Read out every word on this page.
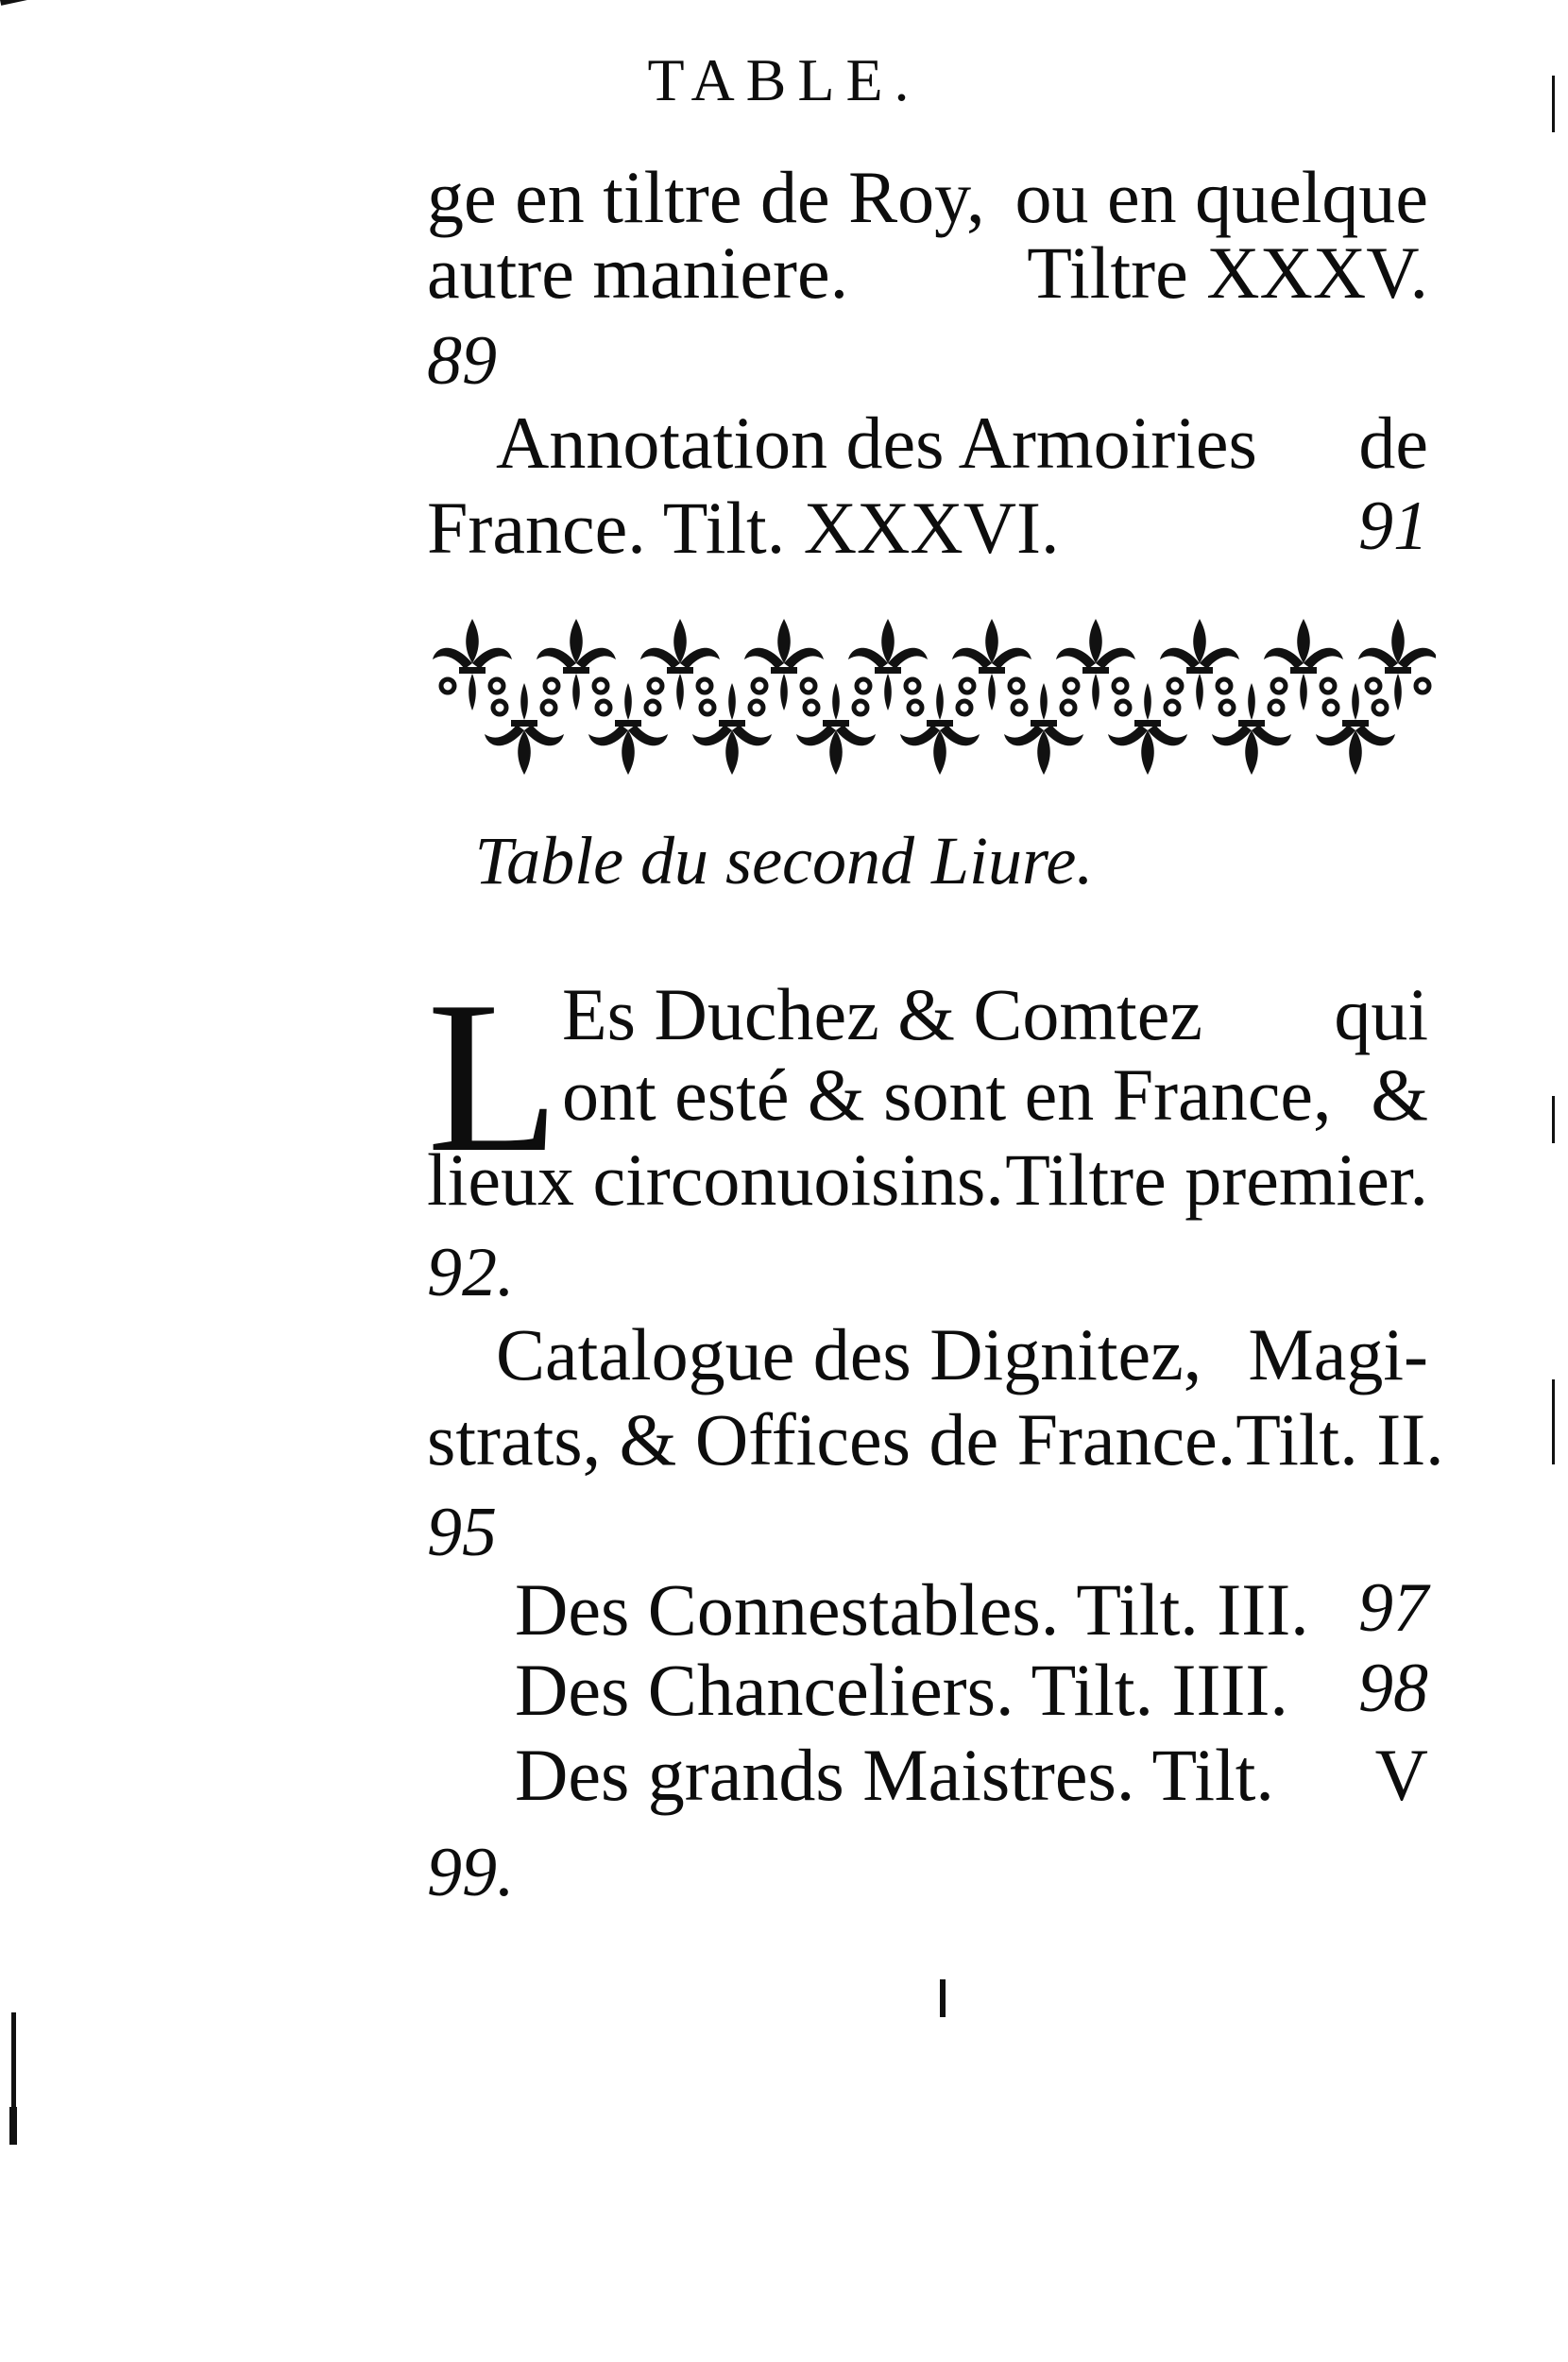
TABLE.
ge en tiltre de Roy, ou en quelque
autre maniere. Tiltre XXXV.
89
Annotation des Armoiries de
France. Tilt. XXXVI.	91
Table du second Liure.
L Es Duchez & Comtez qui
ont esté & sont en France, &
lieux circonuoisins. Tiltre premier.
92.
Catalogue des Dignitez, Magi-
strats, & Offices de France. Tilt. II.
95
Des Connestables. Tilt. III. 97
Des Chanceliers. Tilt. IIII. 98
Des grands Maistres. Tilt. V
99.
